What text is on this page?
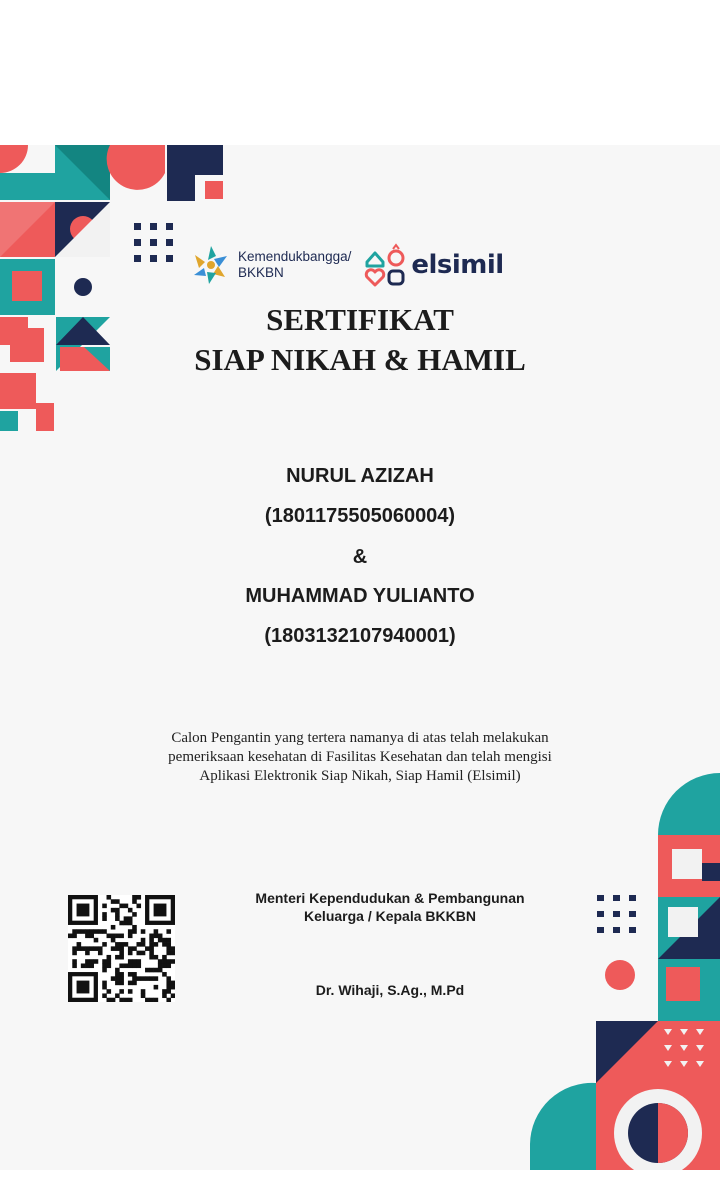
Kemendukbangga/
BKKBN	elsimil
SERTIFIKAT
SIAP NIKAH & HAMIL
NURUL AZIZAH
(1801175505060004)
&
MUHAMMAD YULIANTO
(1803132107940001)
Calon Pengantin yang tertera namanya di atas telah melakukan
pemeriksaan kesehatan di Fasilitas Kesehatan dan telah mengisi
Aplikasi Elektronik Siap Nikah, Siap Hamil (Elsimil)
Menteri Kependudukan & Pembangunan
Keluarga / Kepala BKKBN
Dr. Wihaji, S.Ag., M.Pd
